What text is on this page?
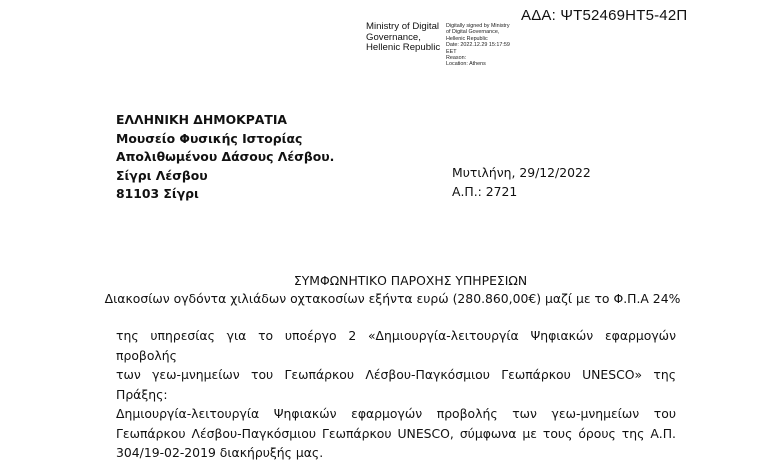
ΑΔΑ: ΨΤ52469ΗΤ5-42Π
Ministry of Digital
Governance,
Hellenic Republic
Digitally signed by Ministry
of Digital Governance,
Hellenic Republic
Date: 2022.12.29 15:17:59
EET
Reason:
Location: Athens
ΕΛΛΗΝΙΚΗ ΔΗΜΟΚΡΑΤΙΑ
Μουσείο Φυσικής Ιστορίας
Απολιθωμένου Δάσους Λέσβου.
Σίγρι Λέσβου
81103 Σίγρι
Μυτιλήνη, 29/12/2022
Α.Π.: 2721
ΣΥΜΦΩΝΗΤΙΚΟ ΠΑΡΟΧΗΣ ΥΠΗΡΕΣΙΩΝ
Διακοσίων ογδόντα χιλιάδων οχτακοσίων εξήντα ευρώ (280.860,00€) μαζί με το Φ.Π.Α 24%
της υπηρεσίας για το υποέργο 2 «Δημιουργία-λειτουργία Ψηφιακών εφαρμογών προβολής
των γεω-μνημείων του Γεωπάρκου Λέσβου-Παγκόσμιου Γεωπάρκου UNESCO» της Πράξης:
Δημιουργία-λειτουργία Ψηφιακών εφαρμογών προβολής των γεω-μνημείων του
Γεωπάρκου Λέσβου-Παγκόσμιου Γεωπάρκου UNESCO, σύμφωνα με τους όρους της Α.Π.
304/19-02-2019 διακήρυξής μας.
